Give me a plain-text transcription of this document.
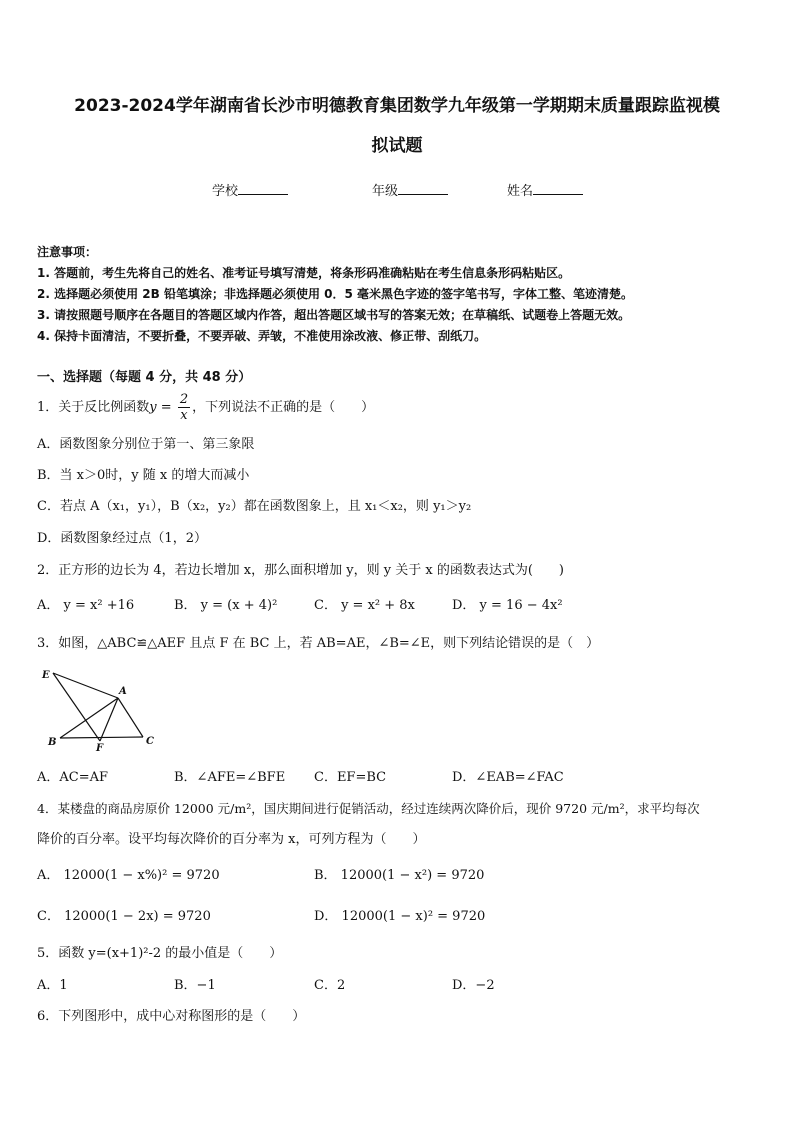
2023-2024学年湖南省长沙市明德教育集团数学九年级第一学期期末质量跟踪监视模
拟试题
学校	年级	姓名
注意事项：
1. 答题前，考生先将自己的姓名、准考证号填写清楚，将条形码准确粘贴在考生信息条形码粘贴区。
2. 选择题必须使用 2B 铅笔填涂；非选择题必须使用 0．5 毫米黑色字迹的签字笔书写，字体工整、笔迹清楚。
3. 请按照题号顺序在各题目的答题区域内作答，超出答题区域书写的答案无效；在草稿纸、试题卷上答题无效。
4. 保持卡面清洁，不要折叠，不要弄破、弄皱，不准使用涂改液、修正带、刮纸刀。
一、选择题（每题 4 分，共 48 分）
1．关于反比例函数$y = \frac{2}{x}$ ，下列说法不正确的是（　　）
A．函数图象分别位于第一、第三象限
B．当 x＞0时，y 随 x 的增大而减小
C．若点 A（x₁，y₁），B（x₂，y₂）都在函数图象上，且 x₁＜x₂，则 y₁＞y₂
D．函数图象经过点（1，2）
2．正方形的边长为 4，若边长增加 x，那么面积增加 y，则 y 关于 x 的函数表达式为(　　)
A． y = x² +16	B． y = (x + 4)²	C． y = x² + 8x	D． y = 16 − 4x²
3．如图，△ABC≌△AEF 且点 F 在 BC 上，若 AB=AE，∠B=∠E，则下列结论错误的是（　）
E
A
B
F
C
A．AC=AF	B．∠AFE=∠BFE C．EF=BC	D．∠EAB=∠FAC
4．某楼盘的商品房原价 12000 元/m²，国庆期间进行促销活动，经过连续两次降价后，现价 9720 元/m²，求平均每次
降价的百分率。设平均每次降价的百分率为 x，可列方程为（　　）
A． 12000(1 − x%)² = 9720	B． 12000(1 − x²) = 9720
C． 12000(1 − 2x) = 9720	D． 12000(1 − x)² = 9720
5．函数 y=(x+1)²-2 的最小值是（　　）
A．1	B．−1	C．2	D．−2
6．下列图形中，成中心对称图形的是（　　）
